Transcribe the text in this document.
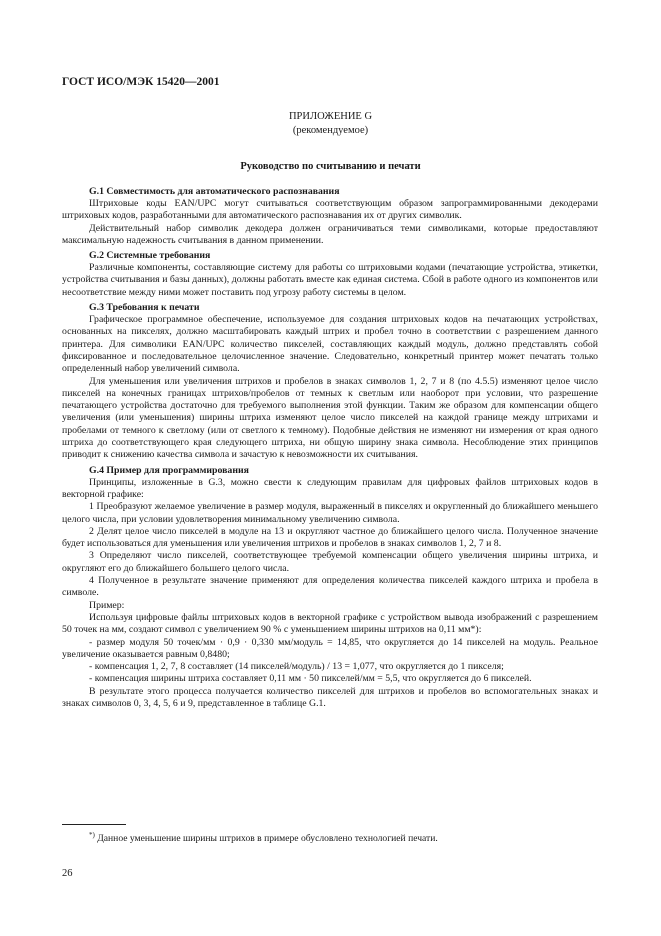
ГОСТ ИСО/МЭК 15420—2001
ПРИЛОЖЕНИЕ G
(рекомендуемое)
Руководство по считыванию и печати
G.1 Совместимость для автоматического распознавания

Штриховые коды EAN/UPC могут считываться соответствующим образом запрограммированными декодерами штриховых кодов, разработанными для автоматического распознавания их от других символик.

Действительный набор символик декодера должен ограничиваться теми символиками, которые предоставляют максимальную надежность считывания в данном применении.

G.2 Системные требования

Различные компоненты, составляющие систему для работы со штриховыми кодами (печатающие устройства, этикетки, устройства считывания и базы данных), должны работать вместе как единая система. Сбой в работе одного из компонентов или несоответствие между ними может поставить под угрозу работу системы в целом.

G.3 Требования к печати

Графическое программное обеспечение, используемое для создания штриховых кодов на печатающих устройствах, основанных на пикселях, должно масштабировать каждый штрих и пробел точно в соответствии с разрешением данного принтера. Для символики EAN/UPC количество пикселей, составляющих каждый модуль, должно представлять собой фиксированное и последовательное целочисленное значение. Следовательно, конкретный принтер может печатать только определенный набор увеличений символа.

Для уменьшения или увеличения штрихов и пробелов в знаках символов 1, 2, 7 и 8 (по 4.5.5) изменяют целое число пикселей на конечных границах штрихов/пробелов от темных к светлым или наоборот при условии, что разрешение печатающего устройства достаточно для требуемого выполнения этой функции. Таким же образом для компенсации общего увеличения (или уменьшения) ширины штриха изменяют целое число пикселей на каждой границе между штрихами и пробелами от темного к светлому (или от светлого к темному). Подобные действия не изменяют ни измерения от края одного штриха до соответствующего края следующего штриха, ни общую ширину знака символа. Несоблюдение этих принципов приводит к снижению качества символа и зачастую к невозможности их считывания.

G.4 Пример для программирования

Принципы, изложенные в G.3, можно свести к следующим правилам для цифровых файлов штриховых кодов в векторной графике:

1 Преобразуют желаемое увеличение в размер модуля, выраженный в пикселях и округленный до ближайшего меньшего целого числа, при условии удовлетворения минимальному увеличению символа.

2 Делят целое число пикселей в модуле на 13 и округляют частное до ближайшего целого числа. Полученное значение будет использоваться для уменьшения или увеличения штрихов и пробелов в знаках символов 1, 2, 7 и 8.

3 Определяют число пикселей, соответствующее требуемой компенсации общего увеличения ширины штриха, и округляют его до ближайшего большего целого числа.

4 Полученное в результате значение применяют для определения количества пикселей каждого штриха и пробела в символе.

Пример:

Используя цифровые файлы штриховых кодов в векторной графике с устройством вывода изображений с разрешением 50 точек на мм, создают символ с увеличением 90 % с уменьшением ширины штрихов на 0,11 мм*):

- размер модуля 50 точек/мм · 0,9 · 0,330 мм/модуль = 14,85, что округляется до 14 пикселей на модуль. Реальное увеличение оказывается равным 0,8480;

- компенсация 1, 2, 7, 8 составляет (14 пикселей/модуль) / 13 = 1,077, что округляется до 1 пикселя;

- компенсация ширины штриха составляет 0,11 мм · 50 пикселей/мм = 5,5, что округляется до 6 пикселей.

В результате этого процесса получается количество пикселей для штрихов и пробелов во вспомогательных знаках и знаках символов 0, 3, 4, 5, 6 и 9, представленное в таблице G.1.

*) Данное уменьшение ширины штрихов в примере обусловлено технологией печати.
26
